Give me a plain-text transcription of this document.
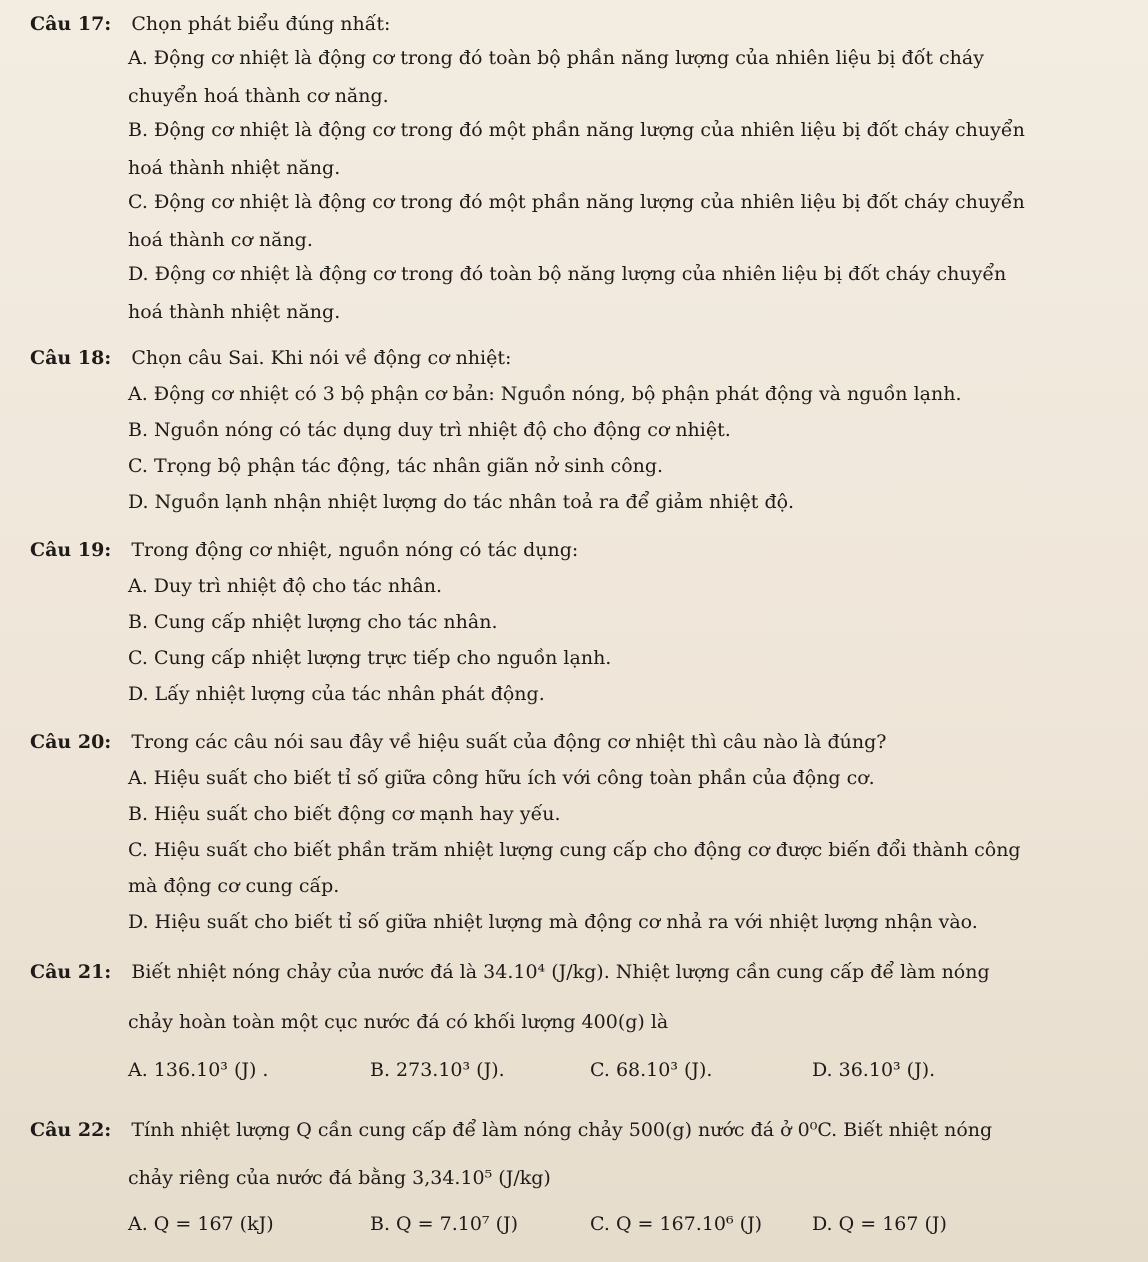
Câu 17: Chọn phát biểu đúng nhất:
A. Động cơ nhiệt là động cơ trong đó toàn bộ phần năng lượng của nhiên liệu bị đốt cháy
chuyển hoá thành cơ năng.
B. Động cơ nhiệt là động cơ trong đó một phần năng lượng của nhiên liệu bị đốt cháy chuyển
hoá thành nhiệt năng.
C. Động cơ nhiệt là động cơ trong đó một phần năng lượng của nhiên liệu bị đốt cháy chuyển
hoá thành cơ năng.
D. Động cơ nhiệt là động cơ trong đó toàn bộ năng lượng của nhiên liệu bị đốt cháy chuyển
hoá thành nhiệt năng.
Câu 18: Chọn câu Sai. Khi nói về động cơ nhiệt:
A. Động cơ nhiệt có 3 bộ phận cơ bản: Nguồn nóng, bộ phận phát động và nguồn lạnh.
B. Nguồn nóng có tác dụng duy trì nhiệt độ cho động cơ nhiệt.
C. Trọng bộ phận tác động, tác nhân giãn nở sinh công.
D. Nguồn lạnh nhận nhiệt lượng do tác nhân toả ra để giảm nhiệt độ.
Câu 19: Trong động cơ nhiệt, nguồn nóng có tác dụng:
A. Duy trì nhiệt độ cho tác nhân.
B. Cung cấp nhiệt lượng cho tác nhân.
C. Cung cấp nhiệt lượng trực tiếp cho nguồn lạnh.
D. Lấy nhiệt lượng của tác nhân phát động.
Câu 20: Trong các câu nói sau đây về hiệu suất của động cơ nhiệt thì câu nào là đúng?
A. Hiệu suất cho biết tỉ số giữa công hữu ích với công toàn phần của động cơ.
B. Hiệu suất cho biết động cơ mạnh hay yếu.
C. Hiệu suất cho biết phần trăm nhiệt lượng cung cấp cho động cơ được biến đổi thành công
mà động cơ cung cấp.
D. Hiệu suất cho biết tỉ số giữa nhiệt lượng mà động cơ nhả ra với nhiệt lượng nhận vào.
Câu 21: Biết nhiệt nóng chảy của nước đá là 34.10⁴ (J/kg). Nhiệt lượng cần cung cấp để làm nóng
chảy hoàn toàn một cục nước đá có khối lượng 400(g) là
A. 136.10³ (J) .	B. 273.10³ (J).	C. 68.10³ (J).	D. 36.10³ (J).
Câu 22: Tính nhiệt lượng Q cần cung cấp để làm nóng chảy 500(g) nước đá ở 0⁰C. Biết nhiệt nóng
chảy riêng của nước đá bằng 3,34.10⁵ (J/kg)
A. Q = 167 (kJ)	B. Q = 7.10⁷ (J)	C. Q = 167.10⁶ (J)	D. Q = 167 (J)
